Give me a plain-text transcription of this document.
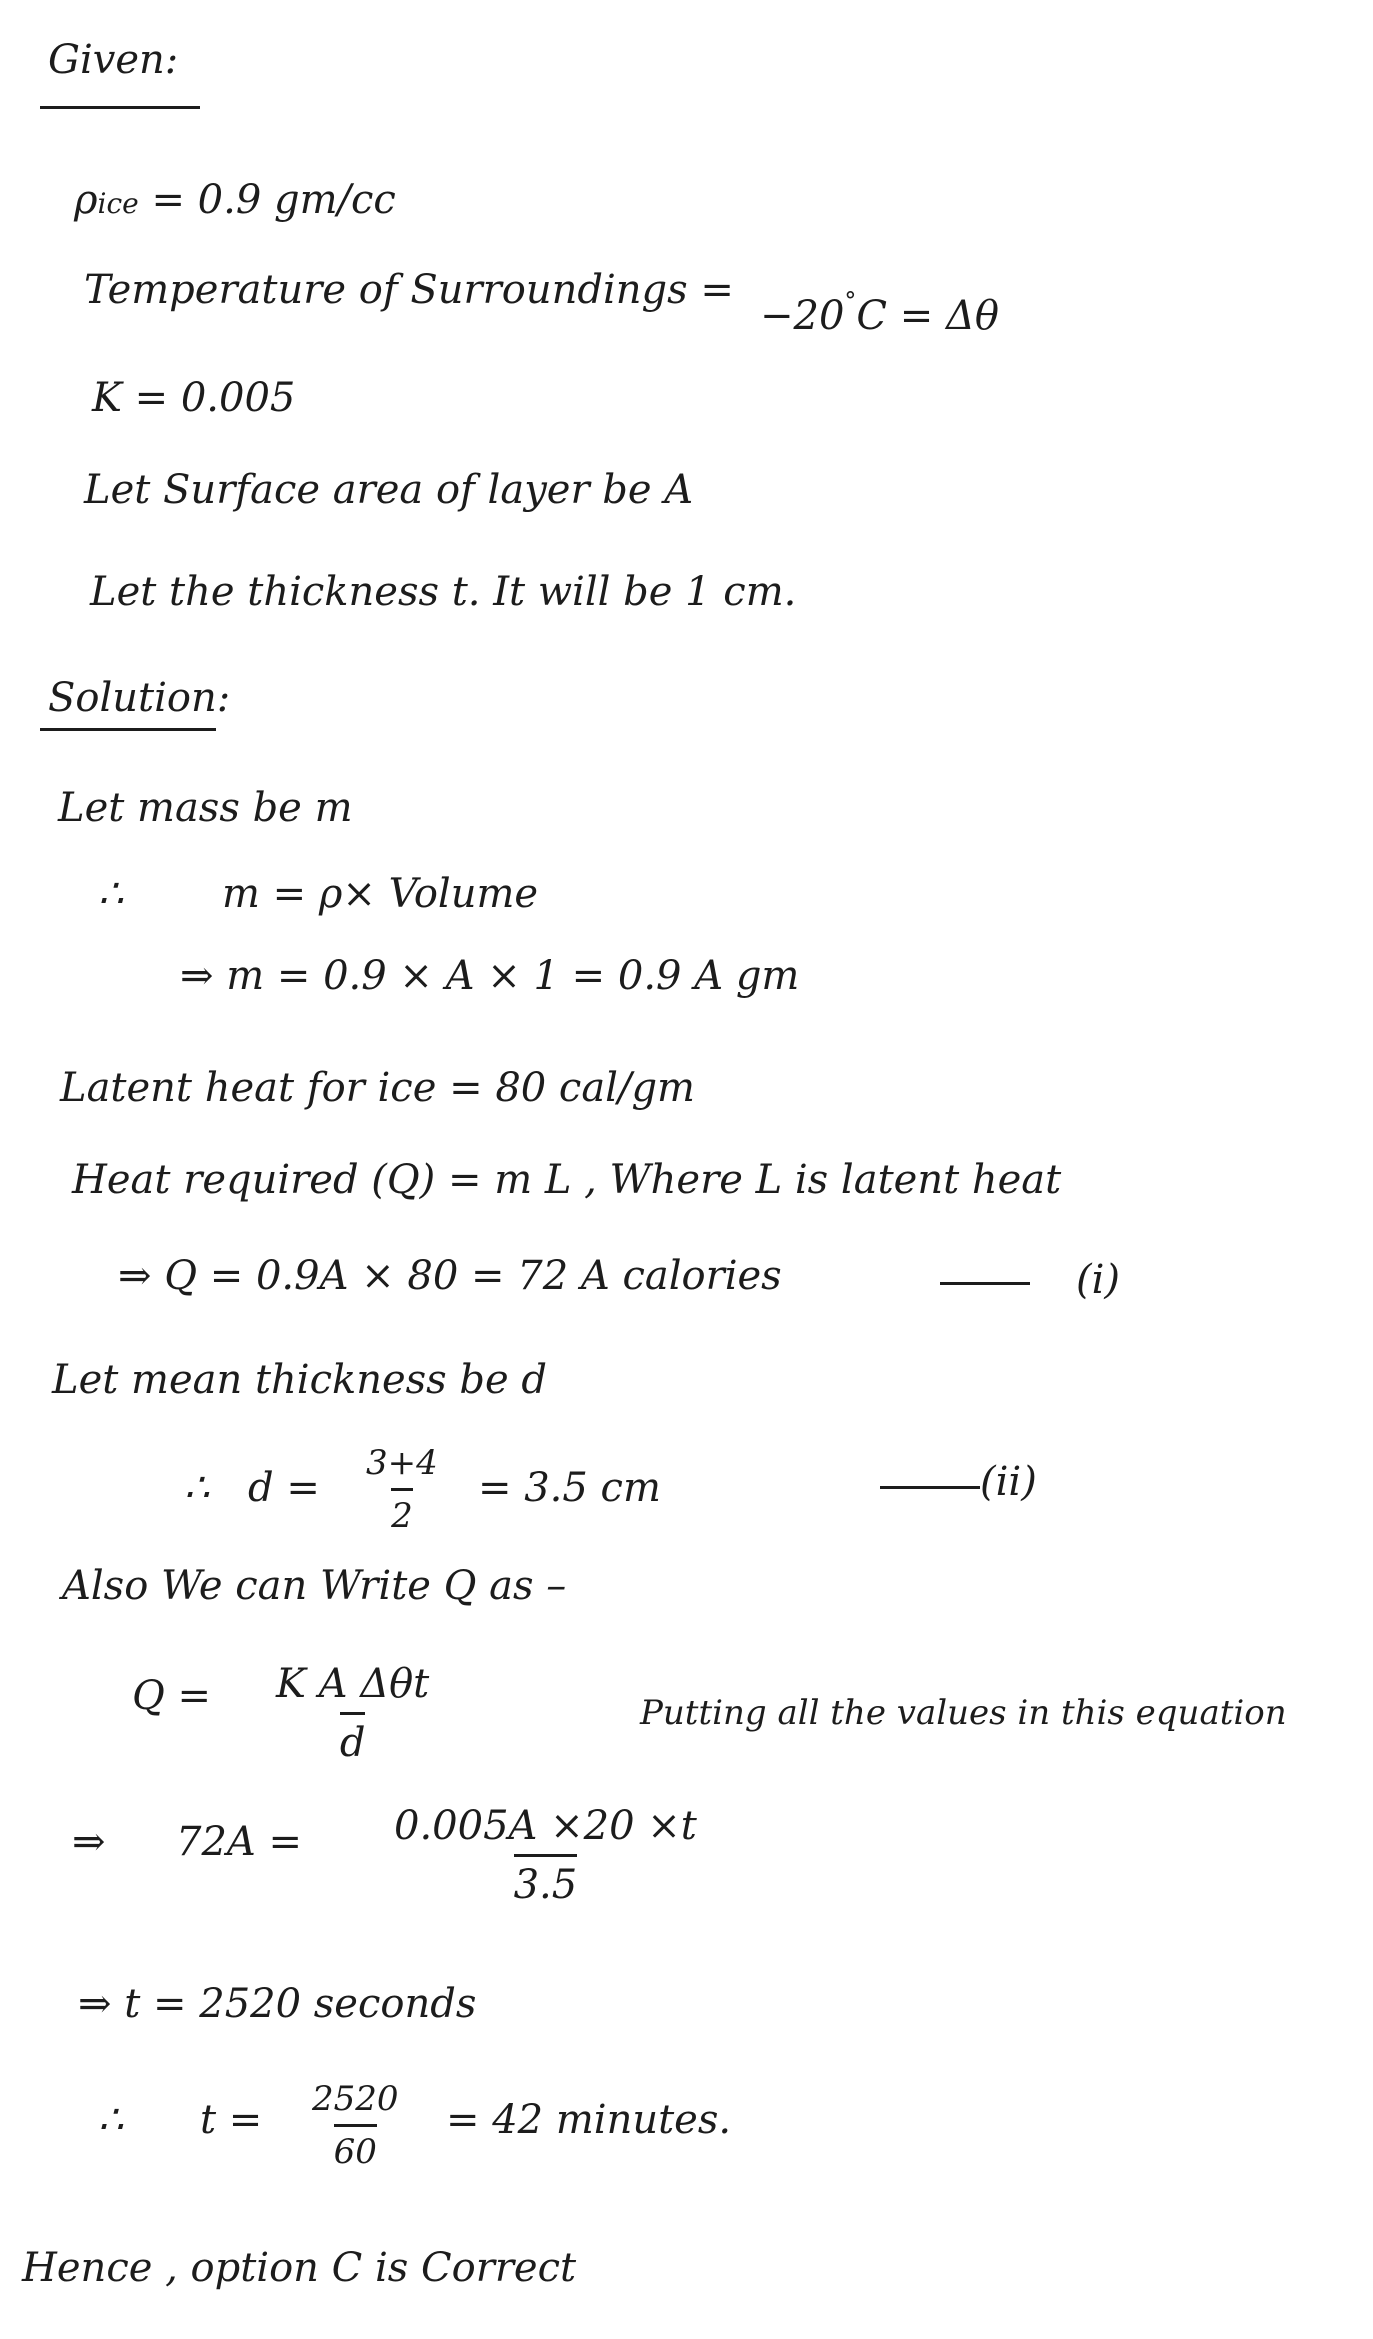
Given:
ρice = 0.9 gm/cc
Temperature of Surroundings =
−20°C = Δθ
K = 0.005
Let Surface area of layer be A
Let the thickness t. It will be 1 cm.
Solution:
Let mass be m
∴ m = ρ× Volume
⇒ m = 0.9 × A × 1 = 0.9 A gm
Latent heat for ice = 80 cal/gm
Heat required (Q) = m L , Where L is latent heat
⇒ Q = 0.9A × 80 = 72 A calories	(i)
Let mean thickness be d
∴ $d = \frac{3+4}{2} = 3.5$ cm	(ii)
Also We can Write Q as –
Q = K A Δθt
d
Putting all the values in this equation
⇒ $72A = \frac{0.005A \times 20 \times t}{3.5}$
⇒ t = 2520 seconds
∴ $t = \frac{2520}{60} = 42$ minutes.
Hence , option C is Correct
